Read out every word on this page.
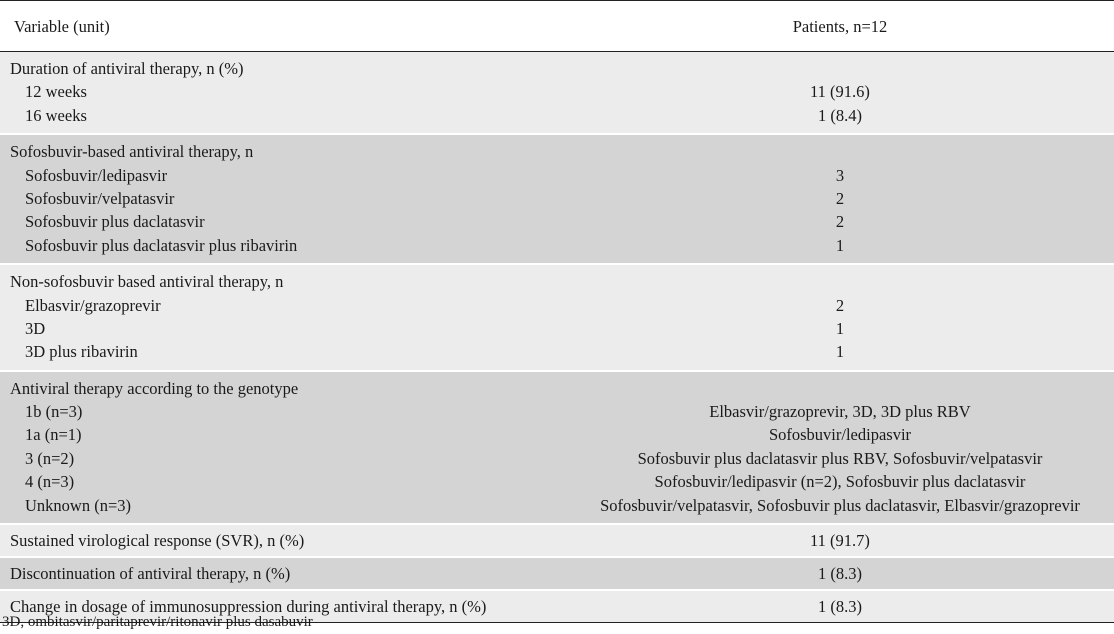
Variable (unit)	Patients, n=12
Duration of antiviral therapy, n (%)
12 weeks	11 (91.6)
16 weeks	1 (8.4)
Sofosbuvir-based antiviral therapy, n
Sofosbuvir/ledipasvir	3
Sofosbuvir/velpatasvir	2
Sofosbuvir plus daclatasvir	2
Sofosbuvir plus daclatasvir plus ribavirin	1
Non-sofosbuvir based antiviral therapy, n
Elbasvir/grazoprevir	2
3D	1
3D plus ribavirin	1
Antiviral therapy according to the genotype
1b (n=3)	Elbasvir/grazoprevir, 3D, 3D plus RBV
1a (n=1)	Sofosbuvir/ledipasvir
3 (n=2)	Sofosbuvir plus daclatasvir plus RBV, Sofosbuvir/velpatasvir
4 (n=3)	Sofosbuvir/ledipasvir (n=2), Sofosbuvir plus daclatasvir
Unknown (n=3)	Sofosbuvir/velpatasvir, Sofosbuvir plus daclatasvir, Elbasvir/grazoprevir
Sustained virological response (SVR), n (%)	11 (91.7)
Discontinuation of antiviral therapy, n (%)	1 (8.3)
Change in dosage of immunosuppression during antiviral therapy, n (%)	1 (8.3)
3D, ombitasvir/paritaprevir/ritonavir plus dasabuvir
